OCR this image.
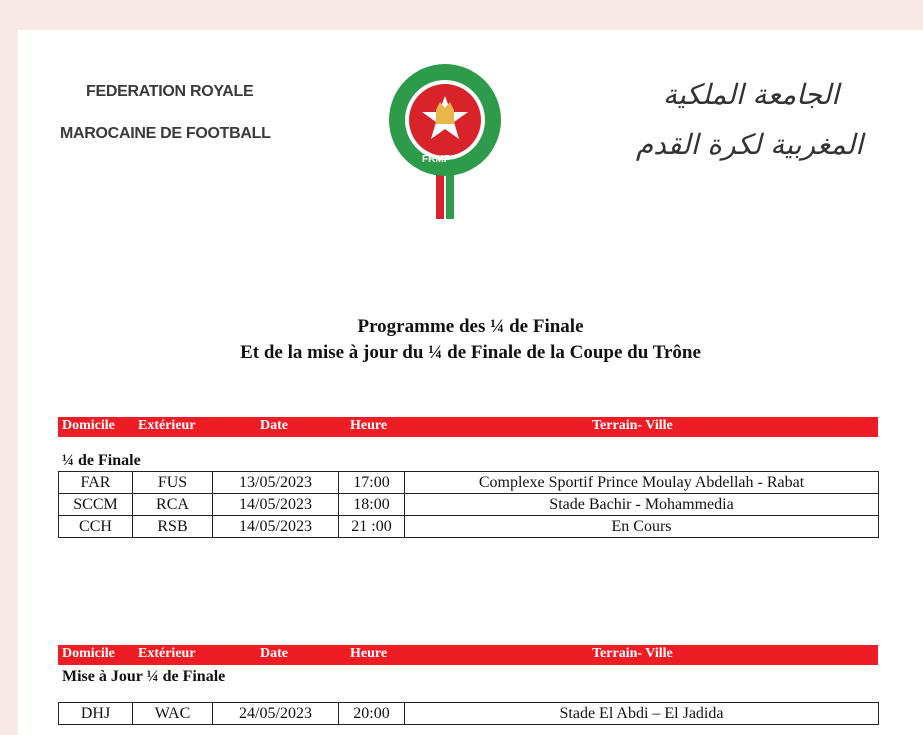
FEDERATION ROYALE
MAROCAINE DE FOOTBALL
FRMF
الجامعة الملكية
المغربية لكرة القدم
Programme des ¼ de Finale
Et de la mise à jour du ¼ de Finale de la Coupe du Trône
Domicile Extérieur	Date	Heure	Terrain- Ville
¼ de Finale
FAR	FUS	13/05/2023	17:00	Complexe Sportif Prince Moulay Abdellah - Rabat
SCCM	RCA	14/05/2023	18:00	Stade Bachir - Mohammedia
CCH	RSB	14/05/2023	21 :00	En Cours
Domicile Extérieur	Date	Heure	Terrain- Ville
Mise à Jour ¼ de Finale
DHJ	WAC	24/05/2023	20:00	Stade El Abdi – El Jadida
